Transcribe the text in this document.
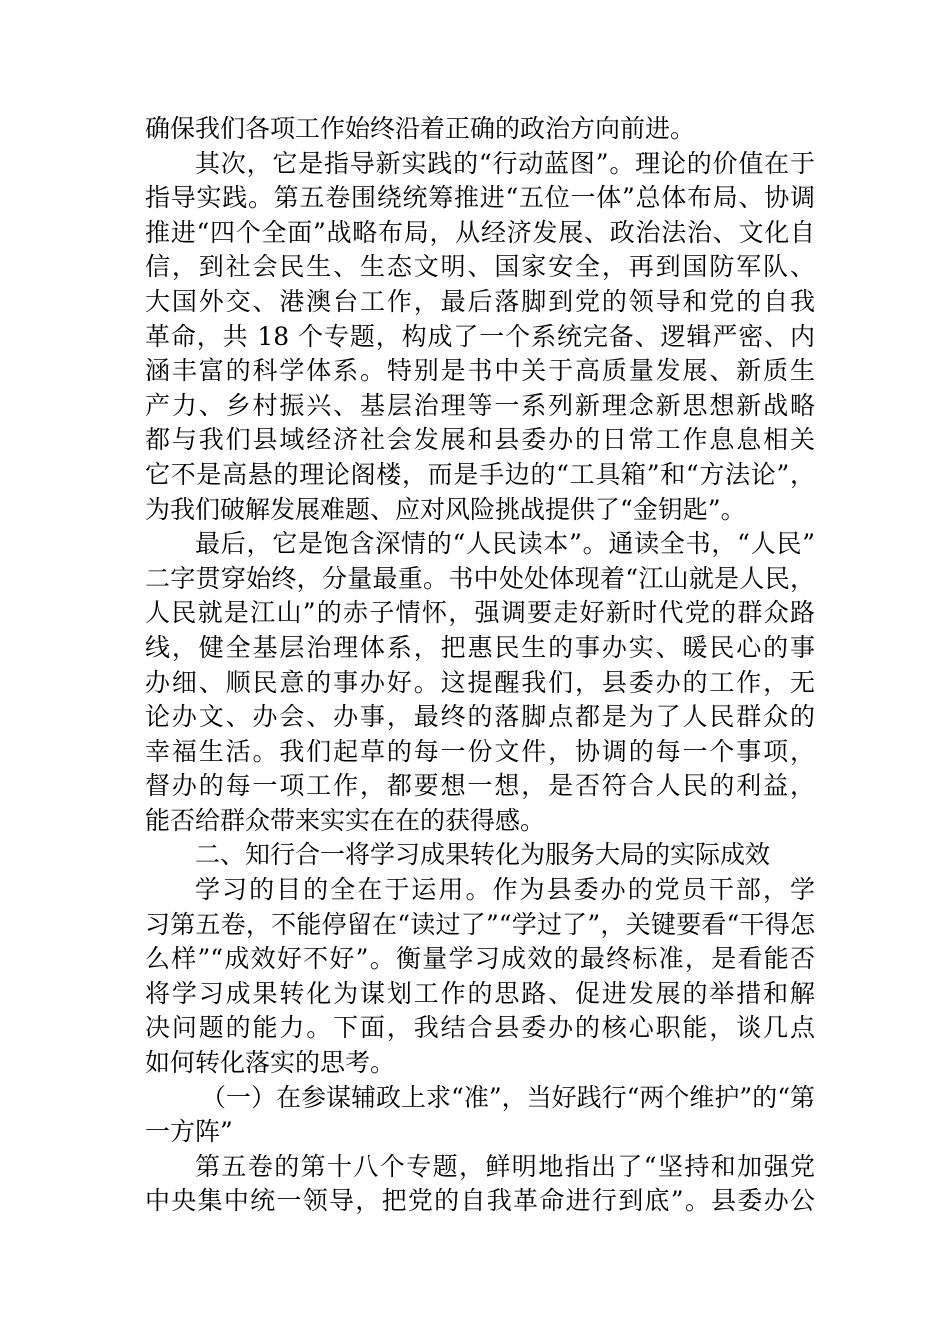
确保我们各项工作始终沿着正确的政治方向前进。
其次，它是指导新实践的“行动蓝图”。理论的价值在于
指导实践。第五卷围绕统筹推进“五位一体”总体布局、协调
推进“四个全面”战略布局，从经济发展、政治法治、文化自
信，到社会民生、生态文明、国家安全，再到国防军队、
大国外交、港澳台工作，最后落脚到党的领导和党的自我
革命，共 18 个专题，构成了一个系统完备、逻辑严密、内
涵丰富的科学体系。特别是书中关于高质量发展、新质生
产力、乡村振兴、基层治理等一系列新理念新思想新战略
都与我们县域经济社会发展和县委办的日常工作息息相关
它不是高悬的理论阁楼，而是手边的“工具箱”和“方法论”，
为我们破解发展难题、应对风险挑战提供了“金钥匙”。
最后，它是饱含深情的“人民读本”。通读全书，“人民”
二字贯穿始终，分量最重。书中处处体现着“江山就是人民，
人民就是江山”的赤子情怀，强调要走好新时代党的群众路
线，健全基层治理体系，把惠民生的事办实、暖民心的事
办细、顺民意的事办好。这提醒我们，县委办的工作，无
论办文、办会、办事，最终的落脚点都是为了人民群众的
幸福生活。我们起草的每一份文件，协调的每一个事项，
督办的每一项工作，都要想一想，是否符合人民的利益，
能否给群众带来实实在在的获得感。
二、知行合一将学习成果转化为服务大局的实际成效
学习的目的全在于运用。作为县委办的党员干部，学
习第五卷，不能停留在“读过了”“学过了”，关键要看“干得怎
么样”“成效好不好”。衡量学习成效的最终标准，是看能否
将学习成果转化为谋划工作的思路、促进发展的举措和解
决问题的能力。下面，我结合县委办的核心职能，谈几点
如何转化落实的思考。
（一）在参谋辅政上求“准”，当好践行“两个维护”的“第
一方阵”
第五卷的第十八个专题，鲜明地指出了“坚持和加强党
中央集中统一领导，把党的自我革命进行到底”。县委办公
